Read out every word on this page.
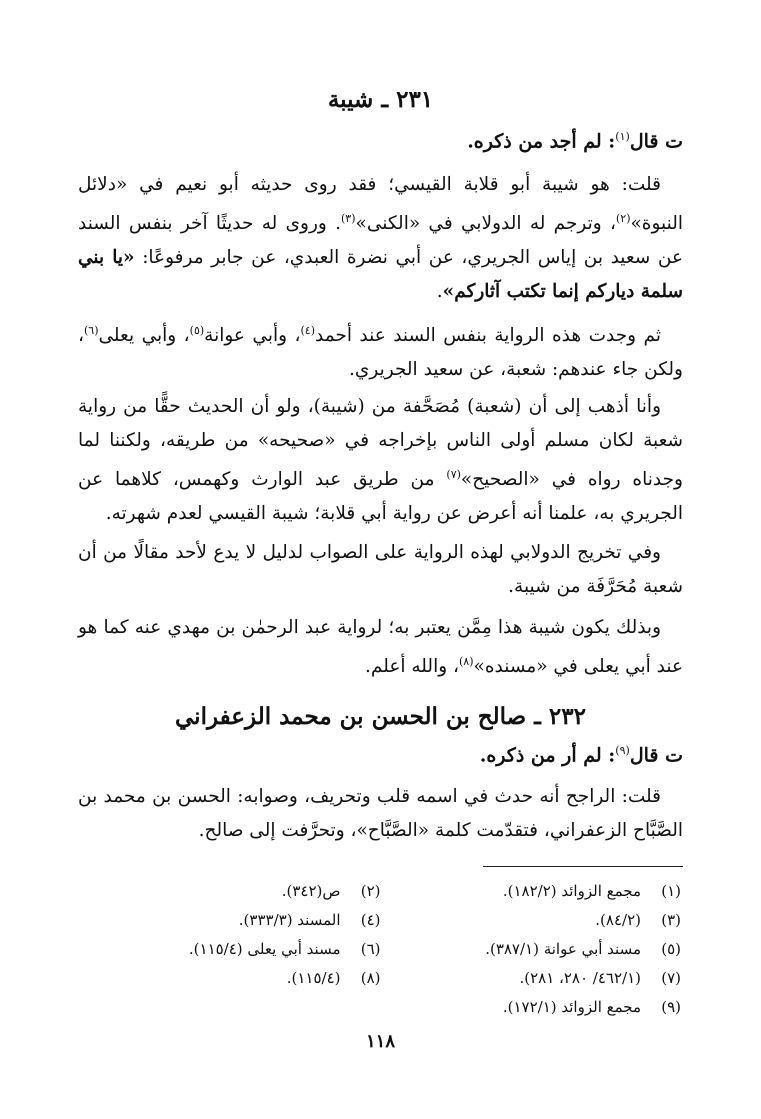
٢٣١ ـ شيبة
ت قال$^{(١)}$: لم أجد من ذكره.
قلت: هو شيبة أبو قلابة القيسي؛ فقد روى حديثه أبو نعيم في «دلائل النبوة»$^{(٢)}$، وترجم له الدولابي في «الكنى»$^{(٣)}$. وروى له حديثًا آخر بنفس السند عن سعيد بن إياس الجريري، عن أبي نضرة العبدي، عن جابر مرفوعًا: «يا بني سلمة دياركم إنما تكتب آثاركم».
ثم وجدت هذه الرواية بنفس السند عند أحمد$^{(٤)}$، وأبي عوانة$^{(٥)}$، وأبي يعلى$^{(٦)}$، ولكن جاء عندهم: شعبة، عن سعيد الجريري.
وأنا أذهب إلى أن (شعبة) مُصَحَّفة من (شيبة)، ولو أن الحديث حقًّا من رواية شعبة لكان مسلم أولى الناس بإخراجه في «صحيحه» من طريقه، ولكننا لما وجدناه رواه في «الصحيح»$^{(٧)}$ من طريق عبد الوارث وكهمس، كلاهما عن الجريري به، علمنا أنه أعرض عن رواية أبي قلابة؛ شيبة القيسي لعدم شهرته.
وفي تخريج الدولابي لهذه الرواية على الصواب لدليل لا يدع لأحد مقالًا من أن شعبة مُحَرَّفَة من شيبة.
وبذلك يكون شيبة هذا مِمَّن يعتبر به؛ لرواية عبد الرحمٰن بن مهدي عنه كما هو عند أبي يعلى في «مسنده»$^{(٨)}$، والله أعلم.
٢٣٢ ـ صالح بن الحسن بن محمد الزعفراني
ت قال$^{(٩)}$: لم أر من ذكره.
قلت: الراجح أنه حدث في اسمه قلب وتحريف، وصوابه: الحسن بن محمد بن الصَّبَّاح الزعفراني، فتقدّمت كلمة «الصَّبَّاح»، وتحرَّفت إلى صالح.
(١)
مجمع الزوائد (١٨٢/٢).
(٢)
ص(٣٤٢).
(٣)
(٨٤/٢).
(٤)
المسند (٣٣٣/٣).
(٥)
مسند أبي عوانة (٣٨٧/١).
(٦)
مسند أبي يعلى (١١٥/٤).
(٧)
(٤٦٢/١/ ٢٨٠، ٢٨١).
(٨)
(١١٥/٤).
(٩)
مجمع الزوائد (١٧٢/١).
١١٨
